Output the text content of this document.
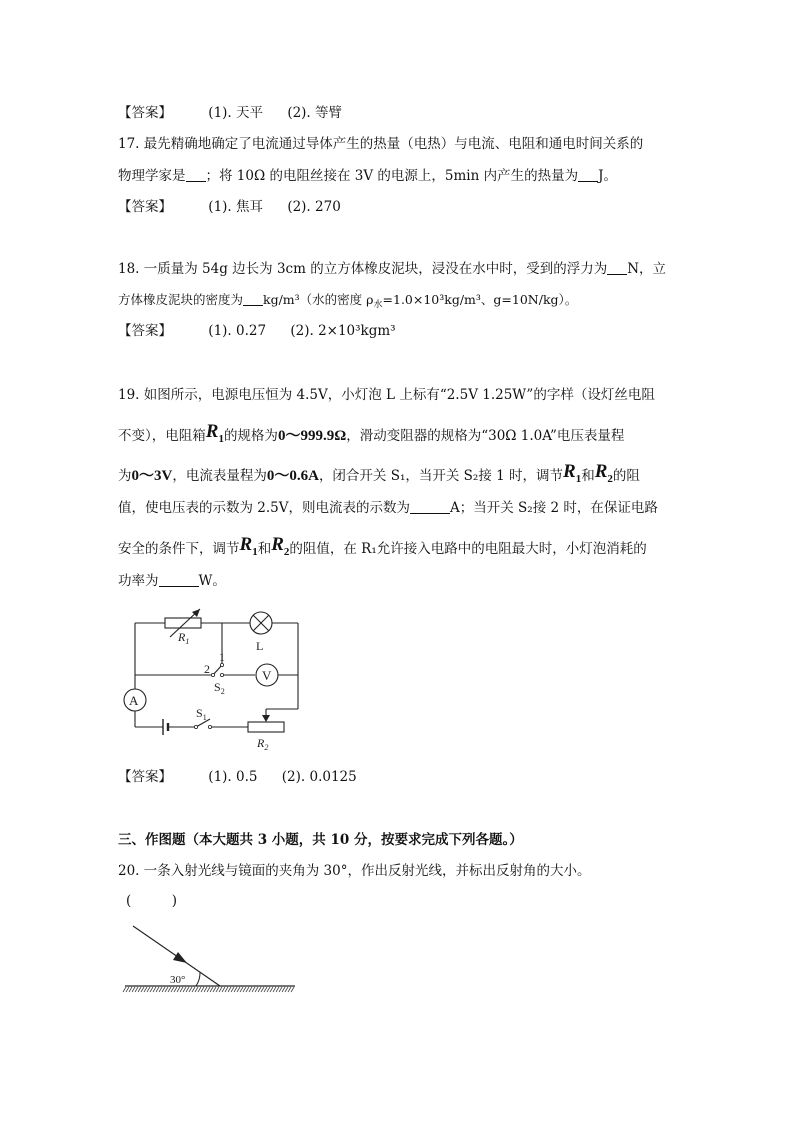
【答案】	(1). 天平 (2). 等臂
17. 最先精确地确定了电流通过导体产生的热量（电热）与电流、电阻和通电时间关系的
物理学家是 ；将 10Ω 的电阻丝接在 3V 的电源上，5min 内产生的热量为 J。
【答案】	(1). 焦耳 (2). 270
18. 一质量为 54g 边长为 3cm 的立方体橡皮泥块，浸没在水中时，受到的浮力为 N，立
方体橡皮泥块的密度为 kg/m³（水的密度 $\rho_水=1.0\times 10^3kg/m^3$、g=10N/kg）。
【答案】	(1). 0.27 (2). 2×10³kgm³
19. 如图所示，电源电压恒为 4.5V，小灯泡 L 上标有“2.5V 1.25W”的字样（设灯丝电阻
不变），电阻箱$R_1$的规格为0～999.9Ω，滑动变阻器的规格为“30Ω 1.0A”电压表量程
为0～3V，电流表量程为0～0.6A，闭合开关 S₁，当开关 S₂接 1 时，调节$R_1$和$R_2$的阻
值，使电压表的示数为 2.5V，则电流表的示数为	A；当开关 S₂接 2 时，在保证电路
安全的条件下，调节$R_1$和$R_2$的阻值，在 R₁允许接入电路中的电阻最大时，小灯泡消耗的
功率为	W。
$R_1$	L
V
A
2
1
$S_2$
$S_1$
$R_2$
【答案】	(1). 0.5 (2). 0.0125
三、作图题（本大题共 3 小题，共 10 分，按要求完成下列各题。）
20. 一条入射光线与镜面的夹角为 30°，作出反射光线，并标出反射角的大小。
(　　　)
30°
